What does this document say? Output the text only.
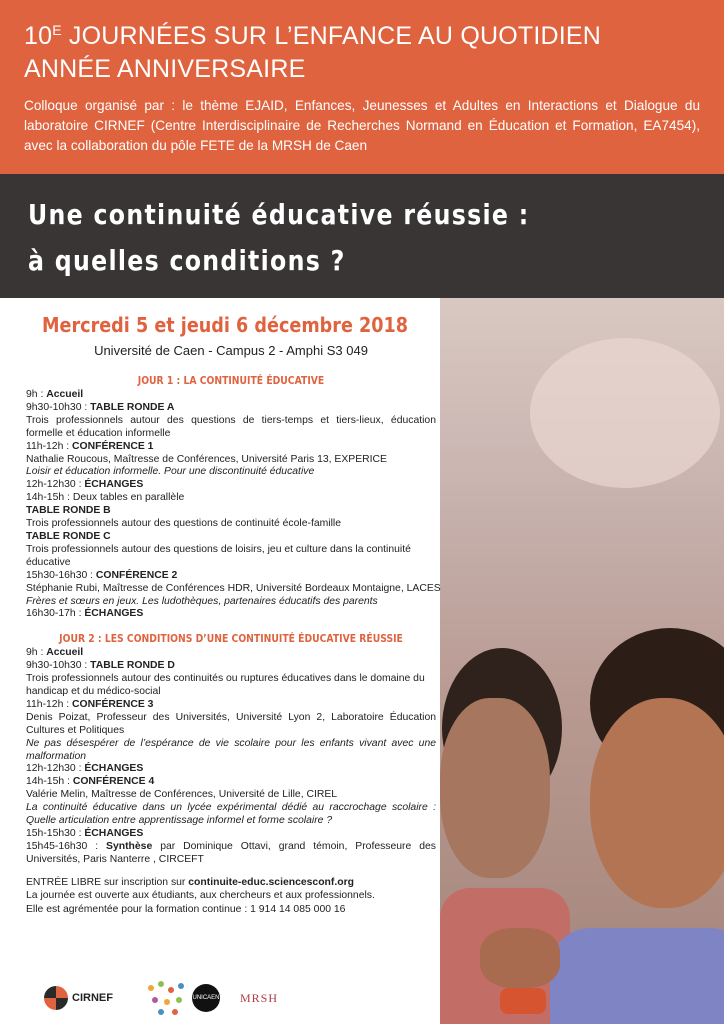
$10^E$ JOURNÉES SUR L’ENFANCE AU QUOTIDIEN
ANNÉE ANNIVERSAIRE
Colloque organisé par : le thème EJAID, Enfances, Jeunesses et Adultes en Interactions et Dialogue du laboratoire CIRNEF (Centre Interdisciplinaire de Recherches Normand en Éducation et Formation, EA7454), avec la collaboration du pôle FETE de la MRSH de Caen
Une continuité éducative réussie :
à quelles conditions ?
Mercredi 5 et jeudi 6 décembre 2018
Université de Caen - Campus 2 - Amphi S3 049
JOUR 1 : LA CONTINUITÉ ÉDUCATIVE
9h : Accueil
9h30-10h30 : TABLE RONDE A
Trois professionnels autour des questions de tiers-temps et tiers-lieux, éducation formelle et éducation informelle
11h-12h : CONFÉRENCE 1
Nathalie Roucous, Maîtresse de Conférences, Université Paris 13, EXPERICE
Loisir et éducation informelle. Pour une discontinuité éducative
12h-12h30 : ÉCHANGES
14h-15h : Deux tables en parallèle
TABLE RONDE B
Trois professionnels autour des questions de continuité école-famille
TABLE RONDE C
Trois professionnels autour des questions de loisirs, jeu et culture dans la continuité éducative
15h30-16h30 : CONFÉRENCE 2
Stéphanie Rubi, Maîtresse de Conférences HDR, Université Bordeaux Montaigne, LACES
Frères et sœurs en jeux. Les ludothèques, partenaires éducatifs des parents
16h30-17h : ÉCHANGES
JOUR 2 : LES CONDITIONS D’UNE CONTINUITÉ ÉDUCATIVE RÉUSSIE
9h : Accueil
9h30-10h30 : TABLE RONDE D
Trois professionnels autour des continuités ou ruptures éducatives dans le domaine du handicap et du médico-social
11h-12h : CONFÉRENCE 3
Denis Poizat, Professeur des Universités, Université Lyon 2, Laboratoire Éducation Cultures et Politiques
Ne pas désespérer de l’espérance de vie scolaire pour les enfants vivant avec une malformation
12h-12h30 : ÉCHANGES
14h-15h : CONFÉRENCE 4
Valérie Melin, Maîtresse de Conférences, Université de Lille, CIREL
La continuité éducative dans un lycée expérimental dédié au raccrochage scolaire : Quelle articulation entre apprentissage informel et forme scolaire ?
15h-15h30 : ÉCHANGES
15h45-16h30 : Synthèse par Dominique Ottavi, grand témoin, Professeure des Universités, Paris Nanterre , CIRCEFT
ENTRÉE LIBRE sur inscription sur continuite-educ.sciencesconf.org
La journée est ouverte aux étudiants, aux chercheurs et aux professionnels.
Elle est agrémentée pour la formation continue : 1 914 14 085 000 16
CIRNEF	UNICAEN MRSH
